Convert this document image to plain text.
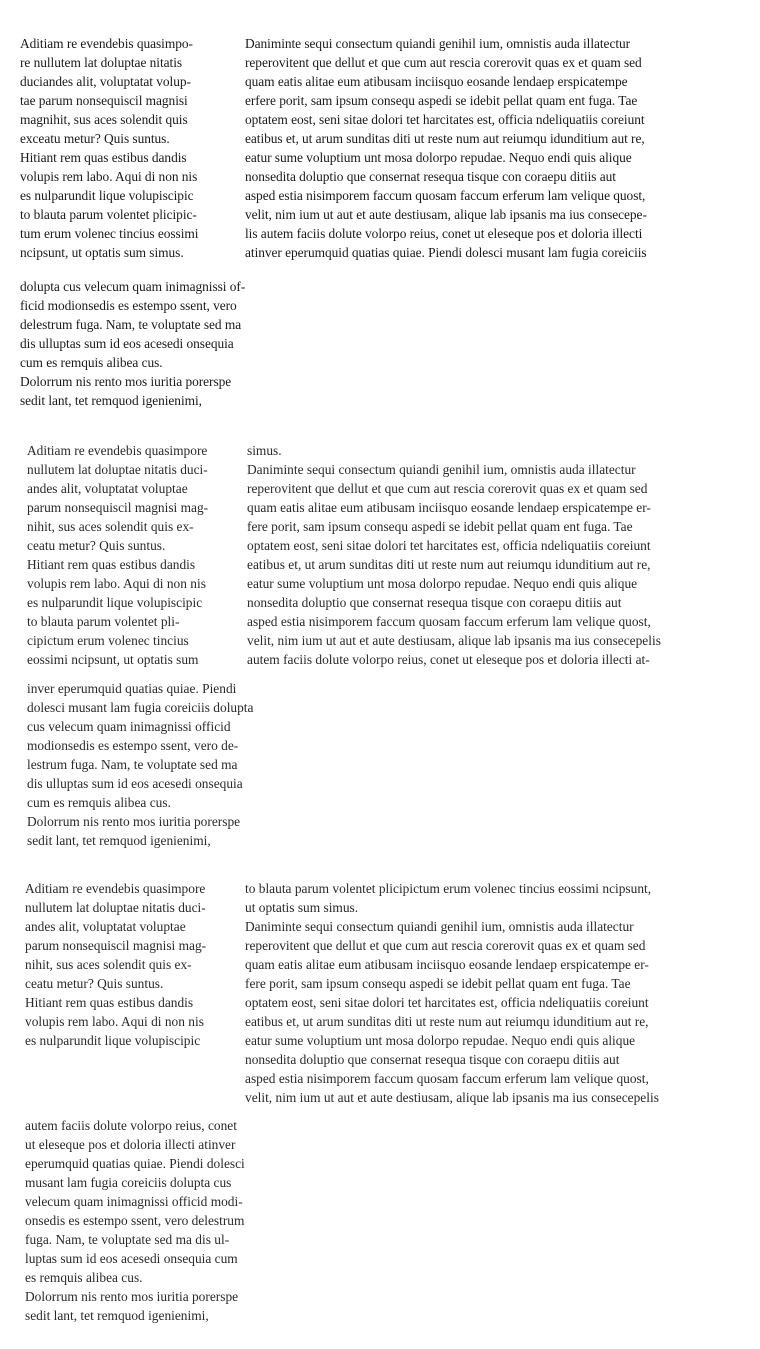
Aditiam re evendebis quasimpo-
re nullutem lat doluptae nitatis
duciandes alit, voluptatat volup-
tae parum nonsequiscil magnisi
magnihit, sus aces solendit quis
exceatu metur? Quis suntus.
Hitiant rem quas estibus dandis
volupis rem labo. Aqui di non nis
es nulparundit lique volupiscipic
to blauta parum volentet plicipic-
tum erum volenec tincius eossimi
ncipsunt, ut optatis sum simus.
Daniminte sequi consectum quiandi genihil ium, omnistis auda illatectur
reperovitent que dellut et que cum aut rescia corerovit quas ex et quam sed
quam eatis alitae eum atibusam inciisquo eosande lendaep erspicatempe
erfere porit, sam ipsum consequ aspedi se idebit pellat quam ent fuga. Tae
optatem eost, seni sitae dolori tet harcitates est, officia ndeliquatiis coreiunt
eatibus et, ut arum sunditas diti ut reste num aut reiumqu idunditium aut re,
eatur sume voluptium unt mosa dolorpo repudae. Nequo endi quis alique
nonsedita doluptio que consernat resequa tisque con coraepu ditiis aut
asped estia nisimporem faccum quosam faccum erferum lam velique quost,
velit, nim ium ut aut et aute destiusam, alique lab ipsanis ma ius consecepe-
lis autem faciis dolute volorpo reius, conet ut eleseque pos et doloria illecti
atinver eperumquid quatias quiae. Piendi dolesci musant lam fugia coreiciis
dolupta cus velecum quam inimagnissi of-
ficid modionsedis es estempo ssent, vero
delestrum fuga. Nam, te voluptate sed ma
dis ulluptas sum id eos acesedi onsequia
cum es remquis alibea cus.
Dolorrum nis rento mos iuritia porerspe
sedit lant, tet remquod igenienimi,
Aditiam re evendebis quasimpore
nullutem lat doluptae nitatis duci-
andes alit, voluptatat voluptae
parum nonsequiscil magnisi mag-
nihit, sus aces solendit quis ex-
ceatu metur? Quis suntus.
Hitiant rem quas estibus dandis
volupis rem labo. Aqui di non nis
es nulparundit lique volupiscipic
to blauta parum volentet pli-
cipictum erum volenec tincius
eossimi ncipsunt, ut optatis sum
simus.
Daniminte sequi consectum quiandi genihil ium, omnistis auda illatectur
reperovitent que dellut et que cum aut rescia corerovit quas ex et quam sed
quam eatis alitae eum atibusam inciisquo eosande lendaep erspicatempe er-
fere porit, sam ipsum consequ aspedi se idebit pellat quam ent fuga. Tae
optatem eost, seni sitae dolori tet harcitates est, officia ndeliquatiis coreiunt
eatibus et, ut arum sunditas diti ut reste num aut reiumqu idunditium aut re,
eatur sume voluptium unt mosa dolorpo repudae. Nequo endi quis alique
nonsedita doluptio que consernat resequa tisque con coraepu ditiis aut
asped estia nisimporem faccum quosam faccum erferum lam velique quost,
velit, nim ium ut aut et aute destiusam, alique lab ipsanis ma ius consecepelis
autem faciis dolute volorpo reius, conet ut eleseque pos et doloria illecti at-
inver eperumquid quatias quiae. Piendi
dolesci musant lam fugia coreiciis dolupta
cus velecum quam inimagnissi officid
modionsedis es estempo ssent, vero de-
lestrum fuga. Nam, te voluptate sed ma
dis ulluptas sum id eos acesedi onsequia
cum es remquis alibea cus.
Dolorrum nis rento mos iuritia porerspe
sedit lant, tet remquod igenienimi,
Aditiam re evendebis quasimpore
nullutem lat doluptae nitatis duci-
andes alit, voluptatat voluptae
parum nonsequiscil magnisi mag-
nihit, sus aces solendit quis ex-
ceatu metur? Quis suntus.
Hitiant rem quas estibus dandis
volupis rem labo. Aqui di non nis
es nulparundit lique volupiscipic
to blauta parum volentet plicipictum erum volenec tincius eossimi ncipsunt,
ut optatis sum simus.
Daniminte sequi consectum quiandi genihil ium, omnistis auda illatectur
reperovitent que dellut et que cum aut rescia corerovit quas ex et quam sed
quam eatis alitae eum atibusam inciisquo eosande lendaep erspicatempe er-
fere porit, sam ipsum consequ aspedi se idebit pellat quam ent fuga. Tae
optatem eost, seni sitae dolori tet harcitates est, officia ndeliquatiis coreiunt
eatibus et, ut arum sunditas diti ut reste num aut reiumqu idunditium aut re,
eatur sume voluptium unt mosa dolorpo repudae. Nequo endi quis alique
nonsedita doluptio que consernat resequa tisque con coraepu ditiis aut
asped estia nisimporem faccum quosam faccum erferum lam velique quost,
velit, nim ium ut aut et aute destiusam, alique lab ipsanis ma ius consecepelis
autem faciis dolute volorpo reius, conet
ut eleseque pos et doloria illecti atinver
eperumquid quatias quiae. Piendi dolesci
musant lam fugia coreiciis dolupta cus
velecum quam inimagnissi officid modi-
onsedis es estempo ssent, vero delestrum
fuga. Nam, te voluptate sed ma dis ul-
luptas sum id eos acesedi onsequia cum
es remquis alibea cus.
Dolorrum nis rento mos iuritia porerspe
sedit lant, tet remquod igenienimi,
